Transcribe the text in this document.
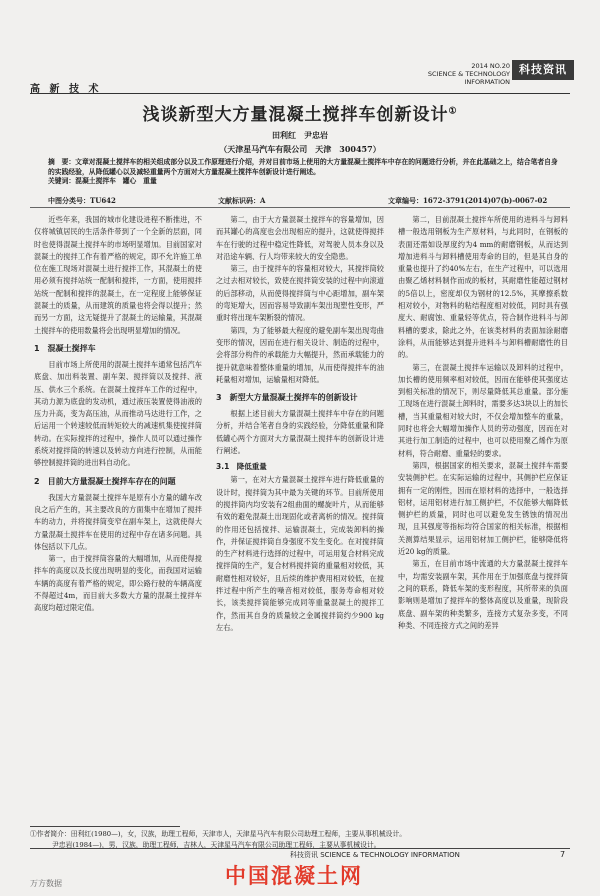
高 新 技 术
2014 NO.20
SCIENCE & TECHNOLOGY INFORMATION
科技资讯
浅谈新型大方量混凝土搅拌车创新设计①
田利红　尹忠岩
（天津星马汽车有限公司　天津　300457）
摘　要：文章对混凝土搅拌车的相关组成部分以及工作原理进行介绍，并对目前市场上使用的大方量混凝土搅拌车中存在的问题进行分析，并在此基础之上，结合笔者自身的实践经验，从降低罐心以及减轻重量两个方面对大方量混凝土搅拌车创新设计进行阐述。
关键词：混凝土搅拌车　罐心　重量
中图分类号：TU642	文献标识码：A	文章编号：1672-3791(2014)07(b)-0067-02

近些年来，我国的城市化建设进程不断推进，不仅将城镇居民的生活条件带到了一个全新的层面，同时也使得混凝土搅拌车的市场明显增加。目前国家对混凝土的搅拌工作有着严格的规定，即不允许施工单位在施工现场对混凝土进行搅拌工作，其混凝土的使用必须有搅拌站统一配制和搅拌，一方面，使用搅拌站统一配制和搅拌的混凝土，在一定程度上能够保证混凝土的质量，从而建筑的质量也将会得以提升；然而另一方面，这无疑提升了混凝土的运输量，其混凝土搅拌车的使用数量将会出现明显增加的情况。

1　混凝土搅拌车

目前市场上所使用的混凝土搅拌车通常包括汽车底盘、加出料装置、副车架、搅拌筒以及搅拌、液压、供水三个系统。在混凝土搅拌车工作的过程中，其动力源为底盘的发动机，通过液压装置使得油液的压力升高，变为高压油，从而推动马达进行工作，之后运用一个转速较低而转矩较大的减速机集使搅拌筒转动。在实际搅拌的过程中，操作人员可以通过操作系统对搅拌筒的转速以及转动方向进行控制，从而能够控制搅拌筒的进出料自动化。

2　目前大方量混凝土搅拌车存在的问题

我国大方量混凝土搅拌车是原有小方量的罐车改良之后产生的，其主要改良的方面集中在增加了搅拌车的动力，并将搅拌筒变窄在副车架上，这就使得大方量混凝土搅拌车在使用的过程中存在诸多问题。具体包括以下几点。

第一，由于搅拌筒容量的大幅增加，从而使得搅拌车的高度以及长度出现明显的变化，而我国对运输车辆的高度有着严格的规定，即公路行驶的车辆高度不得超过4m，而目前大多数大方量的混凝土搅拌车高度均超过限定值。

第二，由于大方量混凝土搅拌车的容量增加，因而其罐心的高度也会出现相应的提升，这就使得搅拌车在行驶的过程中稳定性降低，对驾驶人员本身以及对沿途车辆、行人均带来较大的安全隐患。

第三，由于搅拌车的容量相对较大，其搅拌筒较之过去相对较长，致使在搅拌筒安装的过程中向滚道的后部移动，从而使得搅拌筒与中心距增加，副车架的弯矩增大，因而容易导致副车架出现塑性变形，严重时将出现车架断裂的情况。

第四，为了能够最大程度的避免副车架出现弯曲变形的情况，因而在进行相关设计、制造的过程中，会将部分构件的承载能力大幅提升，然而承载能力的提升就意味着整体重量的增加，从而使得搅拌车的油耗量相对增加，运输量相对降低。

3　新型大方量混凝土搅拌车的创新设计

根据上述目前大方量混凝土搅拌车中存在的问题分析，并结合笔者自身的实践经验，分降低重量和降低罐心两个方面对大方量混凝土搅拌车的创新设计进行阐述。

3.1　降低重量

第一，在对大方量混凝土搅拌车进行降低重量的设计时，搅拌筒为其中最为关键的环节。目前所使用的搅拌筒内均安装有2组曲面的螺旋叶片，从而能够有效的避免混凝土出现固化或者离析的情况。搅拌筒的作用还包括搅拌、运输混凝土，完成装卸料的操作，并保证搅拌筒自身强度不发生变化。在对搅拌筒的生产材料进行选择的过程中，可运用复合材料完成搅拌筒的生产，复合材料搅拌筒的重量相对较低，其耐磨性相对较好，且后续的维护费用相对较低，在搅拌过程中所产生的噪音相对较低，服务寿命相对较长，该类搅拌筒能够完成同等重量混凝土的搅拌工作，然而其自身的质量较之金属搅拌筒约少900 kg左右。

第二，目前混凝土搅拌车所使用的进料斗与卸料槽一般选用钢板为生产原材料，与此同时，在钢板的表面还需如设厚度约为4 mm的耐磨钢板，从而达到增加进料斗与卸料槽使用寿命的目的，但是其自身的重量也提升了约40%左右，在生产过程中，可以选用由聚乙烯材料制作而成的板材，其耐磨性能超过钢材的5倍以上，密度却仅为钢材的12.5%，其摩擦系数相对较小，对物料的粘结程度相对较低，同时具有强度大、耐腐蚀、重量轻等优点，符合制作进料斗与卸料槽的要求，除此之外，在该类材料的表面加涂耐磨涂料，从而能够达到提升进料斗与卸料槽耐磨性的目的。

第三，在混凝土搅拌车运输以及卸料的过程中，加长槽的使用频率相对较低，因而在能够使其强度达到相关标准的情况下，则尽量降低其总重量。部分施工现场在进行混凝土卸料时，需要多达3块以上的加长槽，当其重量相对较大时，不仅会增加整车的重量，同时也将会大幅增加操作人员的劳动强度，因而在对其进行加工制造的过程中，也可以使用聚乙烯作为原材料，符合耐磨、重量轻的要求。

第四，根据国家的相关要求，混凝土搅拌车需要安装侧护栏。在实际运输的过程中，其侧护栏应保证拥有一定的刚性，因而在原材料的选择中，一般选择铝材，运用铝材进行加工侧护栏，不仅能够大幅降低侧护栏的质量，同时也可以避免发生锈蚀的情况出现，且其强度等指标均符合国家的相关标准，根据相关测算结果显示，运用铝材加工侧护栏，能够降低将近20 kg的质量。

第五，在目前市场中流通的大方量混凝土搅拌车中，均需安装副车架，其作用在于加强底盘与搅拌筒之间的联系，降低车架的变形程度，其所带来的负面影响则是增加了搅拌车的整体高度以及重量，现阶段底盘、副车架的种类繁多，连接方式复杂多变，不同种类、不同连接方式之间的差异

①作者简介：田利红(1980—)，女，汉族，助理工程师，天津市人，天津星马汽车有限公司助理工程师，主要从事机械设计。
尹忠岩(1984—)，男，汉族，助理工程师，吉林人，天津星马汽车有限公司助理工程师，主要从事机械设计。
科技资讯 SCIENCE & TECHNOLOGY INFORMATION	7
中国混凝土网
万方数据
